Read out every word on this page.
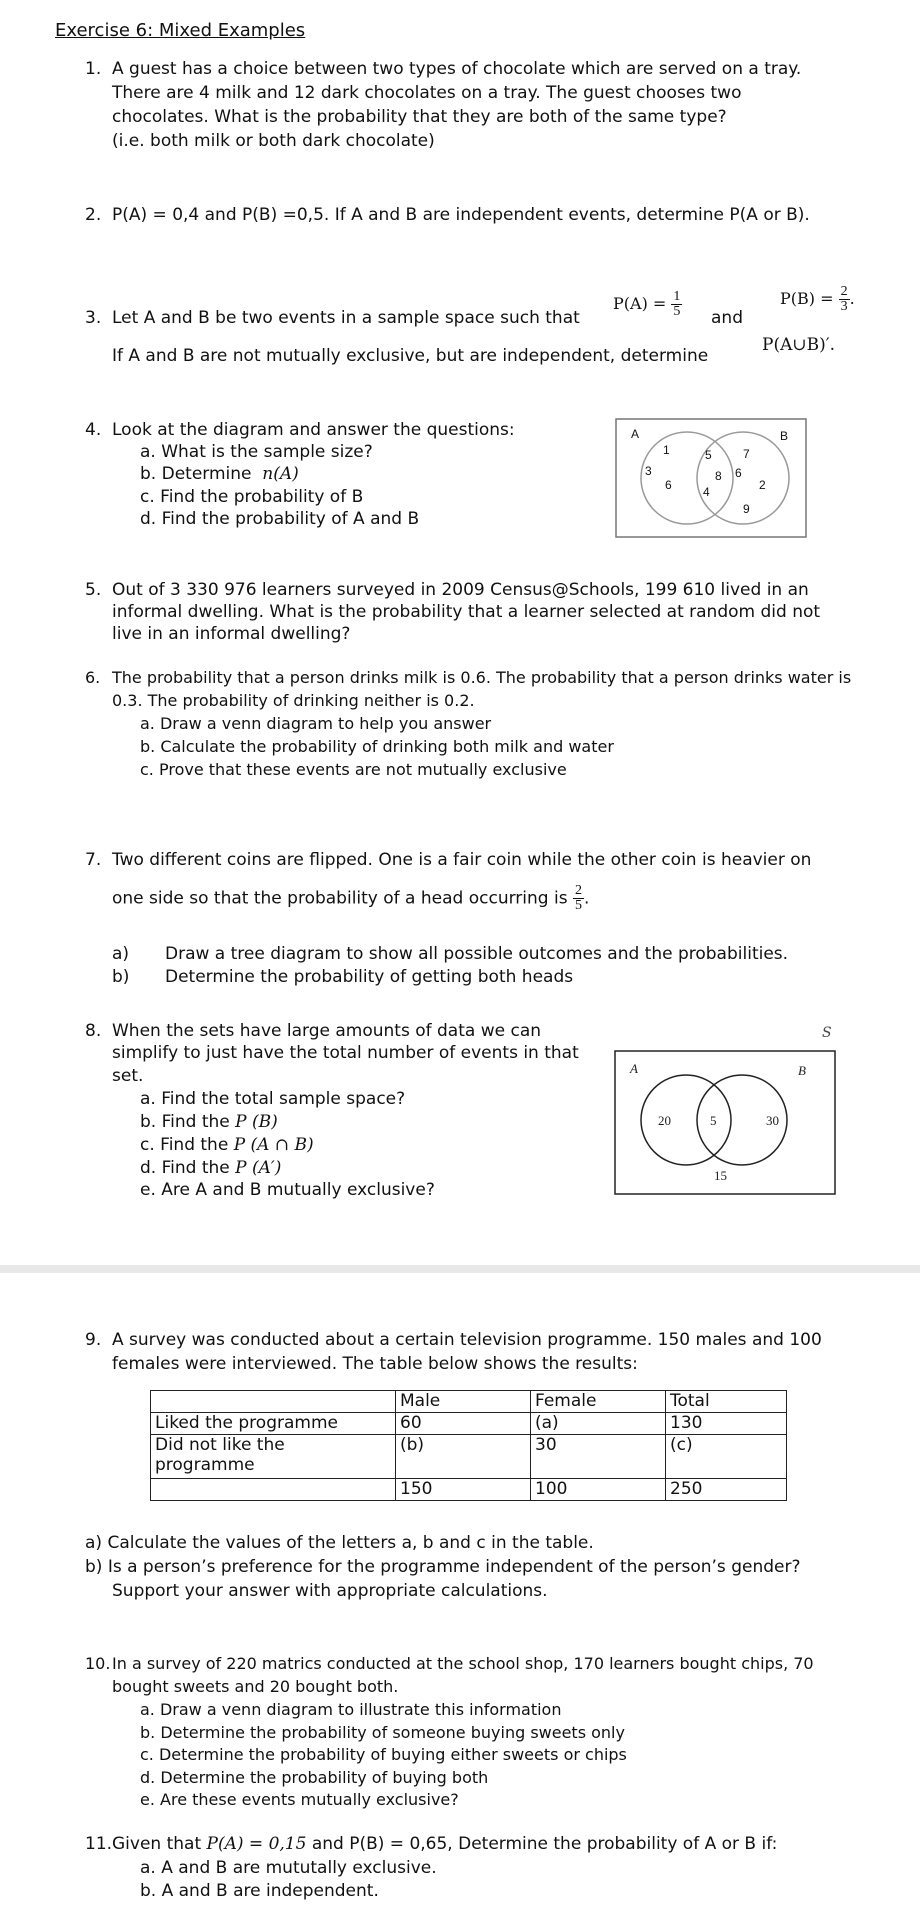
Exercise 6: Mixed Examples
1. A guest has a choice between two types of chocolate which are served on a tray.
There are 4 milk and 12 dark chocolates on a tray. The guest chooses two
chocolates. What is the probability that they are both of the same type?
(i.e. both milk or both dark chocolate)
2. P(A) = 0,4 and P(B) =0,5. If A and B are independent events, determine P(A or B).
3. Let A and B be two events in a sample space such that
$P(A) = \frac{1}{5}$ and
$P(B) = \frac{2}{3}$ .
If A and B are not mutually exclusive, but are independent, determine
P(A∪B)′.
4. Look at the diagram and answer the questions:
a. What is the sample size?
b. Determine n(A)
c. Find the probability of B
d. Find the probability of A and B
A	B
1
3
6
5
8
4
7
6
2
9
5. Out of 3 330 976 learners surveyed in 2009 Census@Schools, 199 610 lived in an
informal dwelling. What is the probability that a learner selected at random did not
live in an informal dwelling?
6. The probability that a person drinks milk is 0.6. The probability that a person drinks water is
0.3. The probability of drinking neither is 0.2.
a. Draw a venn diagram to help you answer
b. Calculate the probability of drinking both milk and water
c. Prove that these events are not mutually exclusive
7. Two different coins are flipped. One is a fair coin while the other coin is heavier on
one side so that the probability of a head occurring is $\frac{2}{5}$ .
a) Draw a tree diagram to show all possible outcomes and the probabilities.
b) Determine the probability of getting both heads
8. When the sets have large amounts of data we can
simplify to just have the total number of events in that
set.
a. Find the total sample space?
b. Find the P (B)
c. Find the P (A ∩ B)
d. Find the P (A′)
e. Are A and B mutually exclusive?
S
A	B
20	5	30
15
9. A survey was conducted about a certain television programme. 150 males and 100
females were interviewed. The table below shows the results:
	Male	Female	Total
Liked the programme	60	(a)	130

Did not like the
programme	(b)	30	(c)
	150	100	250
a) Calculate the values of the letters a, b and c in the table.
b) Is a person’s preference for the programme independent of the person’s gender?
Support your answer with appropriate calculations.
10. In a survey of 220 matrics conducted at the school shop, 170 learners bought chips, 70
bought sweets and 20 bought both.
a. Draw a venn diagram to illustrate this information
b. Determine the probability of someone buying sweets only
c. Determine the probability of buying either sweets or chips
d. Determine the probability of buying both
e. Are these events mutually exclusive?
11. Given that P(A) = 0,15 and P(B) = 0,65, Determine the probability of A or B if:
a. A and B are mututally exclusive.
b. A and B are independent.
